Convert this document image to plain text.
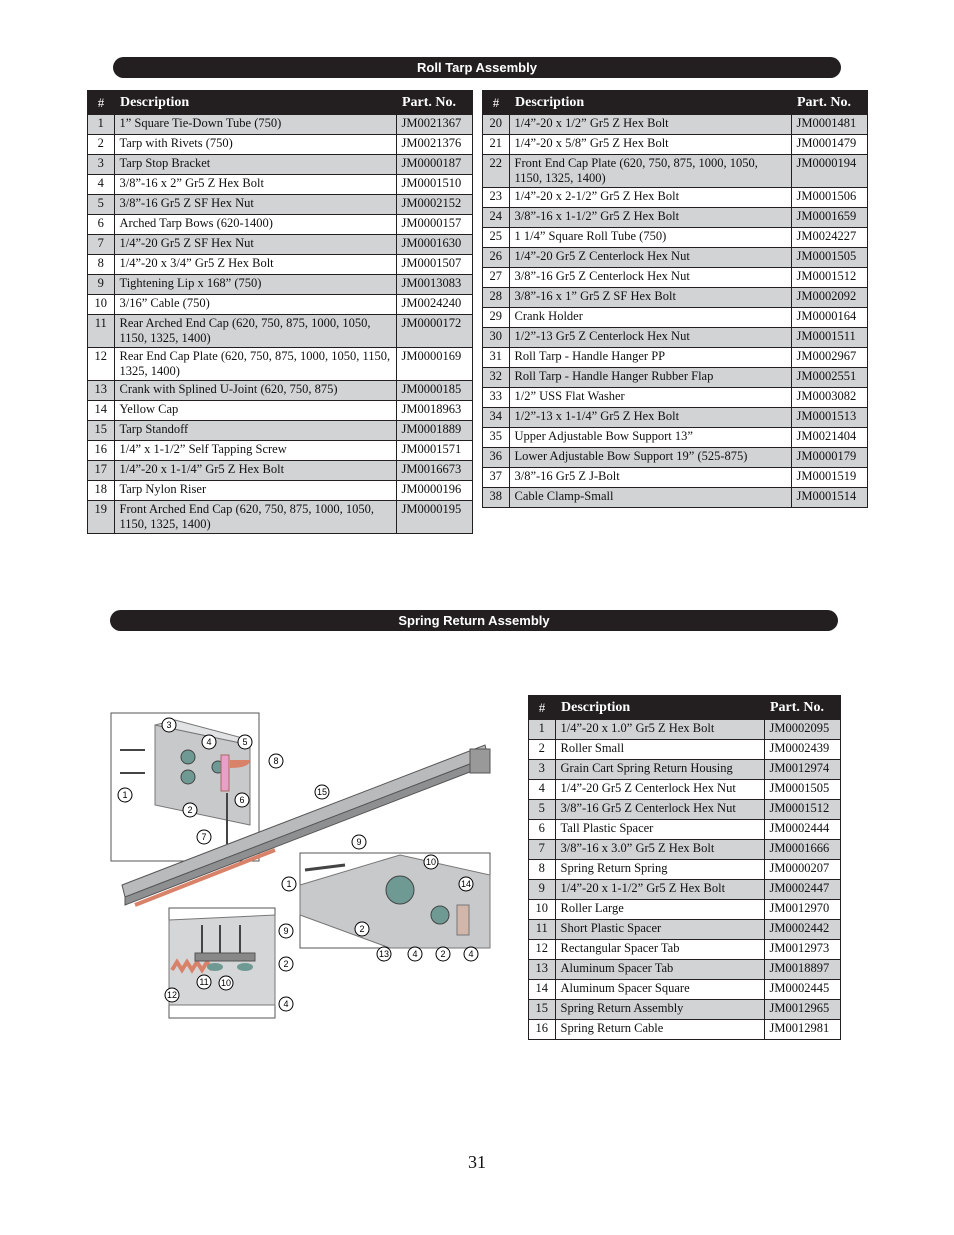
Roll Tarp Assembly
#	Description	Part. No.
1	1” Square Tie-Down Tube (750)	JM0021367
2	Tarp with Rivets (750)	JM0021376
3	Tarp Stop Bracket	JM0000187
4	3/8”-16 x 2” Gr5 Z Hex Bolt	JM0001510
5	3/8”-16 Gr5 Z SF Hex Nut	JM0002152
6	Arched Tarp Bows (620-1400)	JM0000157
7	1/4”-20 Gr5 Z SF Hex Nut	JM0001630
8	1/4”-20 x 3/4” Gr5 Z Hex Bolt	JM0001507
9	Tightening Lip x 168” (750)	JM0013083
10	3/16” Cable (750)	JM0024240
11	Rear Arched End Cap (620, 750, 875, 1000, 1050, 1150, 1325, 1400)	JM0000172
12	Rear End Cap Plate (620, 750, 875, 1000, 1050, 1150, 1325, 1400)	JM0000169
13	Crank with Splined U-Joint (620, 750, 875)	JM0000185
14	Yellow Cap	JM0018963
15	Tarp Standoff	JM0001889
16	1/4” x 1-1/2” Self Tapping Screw	JM0001571
17	1/4”-20 x 1-1/4” Gr5 Z Hex Bolt	JM0016673
18	Tarp Nylon Riser	JM0000196
19	Front Arched End Cap (620, 750, 875, 1000, 1050, 1150, 1325, 1400)	JM0000195
#	Description	Part. No.
20	1/4”-20 x 1/2” Gr5 Z Hex Bolt	JM0001481
21	1/4”-20 x 5/8” Gr5 Z Hex Bolt	JM0001479
22	Front End Cap Plate (620, 750, 875, 1000, 1050, 1150, 1325, 1400)	JM0000194
23	1/4”-20 x 2-1/2” Gr5 Z Hex Bolt	JM0001506
24	3/8”-16 x 1-1/2” Gr5 Z Hex Bolt	JM0001659
25	1 1/4” Square Roll Tube (750)	JM0024227
26	1/4”-20 Gr5 Z Centerlock Hex Nut	JM0001505
27	3/8”-16 Gr5 Z Centerlock Hex Nut	JM0001512
28	3/8”-16 x 1” Gr5 Z SF Hex Bolt	JM0002092
29	Crank Holder	JM0000164
30	1/2”-13 Gr5 Z Centerlock Hex Nut	JM0001511
31	Roll Tarp - Handle Hanger PP	JM0002967
32	Roll Tarp - Handle Hanger Rubber Flap	JM0002551
33	1/2” USS Flat Washer	JM0003082
34	1/2”-13 x 1-1/4” Gr5 Z Hex Bolt	JM0001513
35	Upper Adjustable Bow Support 13”	JM0021404
36	Lower Adjustable Bow Support 19” (525-875)	JM0000179
37	3/8”-16 Gr5 Z J-Bolt	JM0001519
38	Cable Clamp-Small	JM0001514
Spring Return Assembly
#	Description	Part. No.
1	1/4”-20 x 1.0” Gr5 Z Hex Bolt	JM0002095
2	Roller Small	JM0002439
3	Grain Cart Spring Return Housing	JM0012974
4	1/4”-20 Gr5 Z Centerlock Hex Nut	JM0001505
5	3/8”-16 Gr5 Z Centerlock Hex Nut	JM0001512
6	Tall Plastic Spacer	JM0002444
7	3/8”-16 x 3.0” Gr5 Z Hex Bolt	JM0001666
8	Spring Return Spring	JM0000207
9	1/4”-20 x 1-1/2” Gr5 Z Hex Bolt	JM0002447
10	Roller Large	JM0012970
11	Short Plastic Spacer	JM0002442
12	Rectangular Spacer Tab	JM0012973
13	Aluminum Spacer Tab	JM0018897
14	Aluminum Spacer Square	JM0002445
15	Spring Return Assembly	JM0012965
16	Spring Return Cable	JM0012981
3
4	5
8
1	6
2
15
7	9
10
1	14
2
9
13	4	2	4
2
11 10
12
4
31
